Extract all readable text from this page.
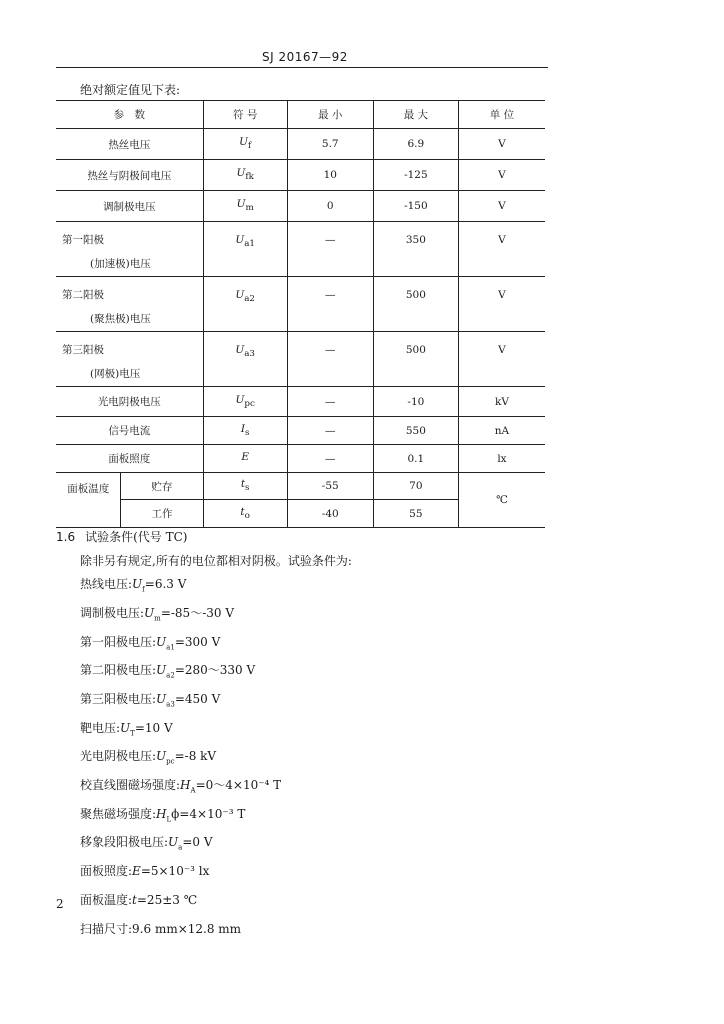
SJ 20167—92
绝对额定值见下表:
参　数		符 号	最 小	最 大	单 位
热丝电压		$U_f$	5.7	6.9	V
热丝与阴极间电压		$U_{fk}$	10	-125	V
调制极电压		$U_m$	0	-150	V
第一阳极
(加速极)电压		$U_{a1}$	—	350	V
第二阳极
(聚焦极)电压		$U_{a2}$	—	500	V
第三阳极
(网极)电压		$U_{a3}$	—	500	V
光电阴极电压		$U_{pc}$	—	-10	kV
信号电流		$I_s$	—	550	nA
面板照度		E	—	0.1	lx
面板温度	贮存	$t_s$	-55	70	℃
	工作	$t_o$	-40	55	
1.6 试验条件(代号 TC)
除非另有规定,所有的电位都相对阴极。试验条件为:
热线电压$:U_f=6.3$ V
调制极电压$:U_m=-85\sim-30$ V
第一阳极电压$:U_{a1}=300$ V
第二阳极电压$:U_{a2}=280\sim 330$ V
第三阳极电压$:U_{a3}=450$ V
靶电压$:U_T=10$ V
光电阴极电压$:U_{pc}=-8$ kV
校直线圈磁场强度$:H_A=0\sim 4\times 10^{-4}$ T
聚焦磁场强度$:H_L\phi=4\times 10^{-3}$ T
移象段阳极电压$:U_a=0$ V
面板照度:E=5×10⁻³ lx
面板温度:t=25±3 ℃
扫描尺寸:9.6 mm×12.8 mm
2
